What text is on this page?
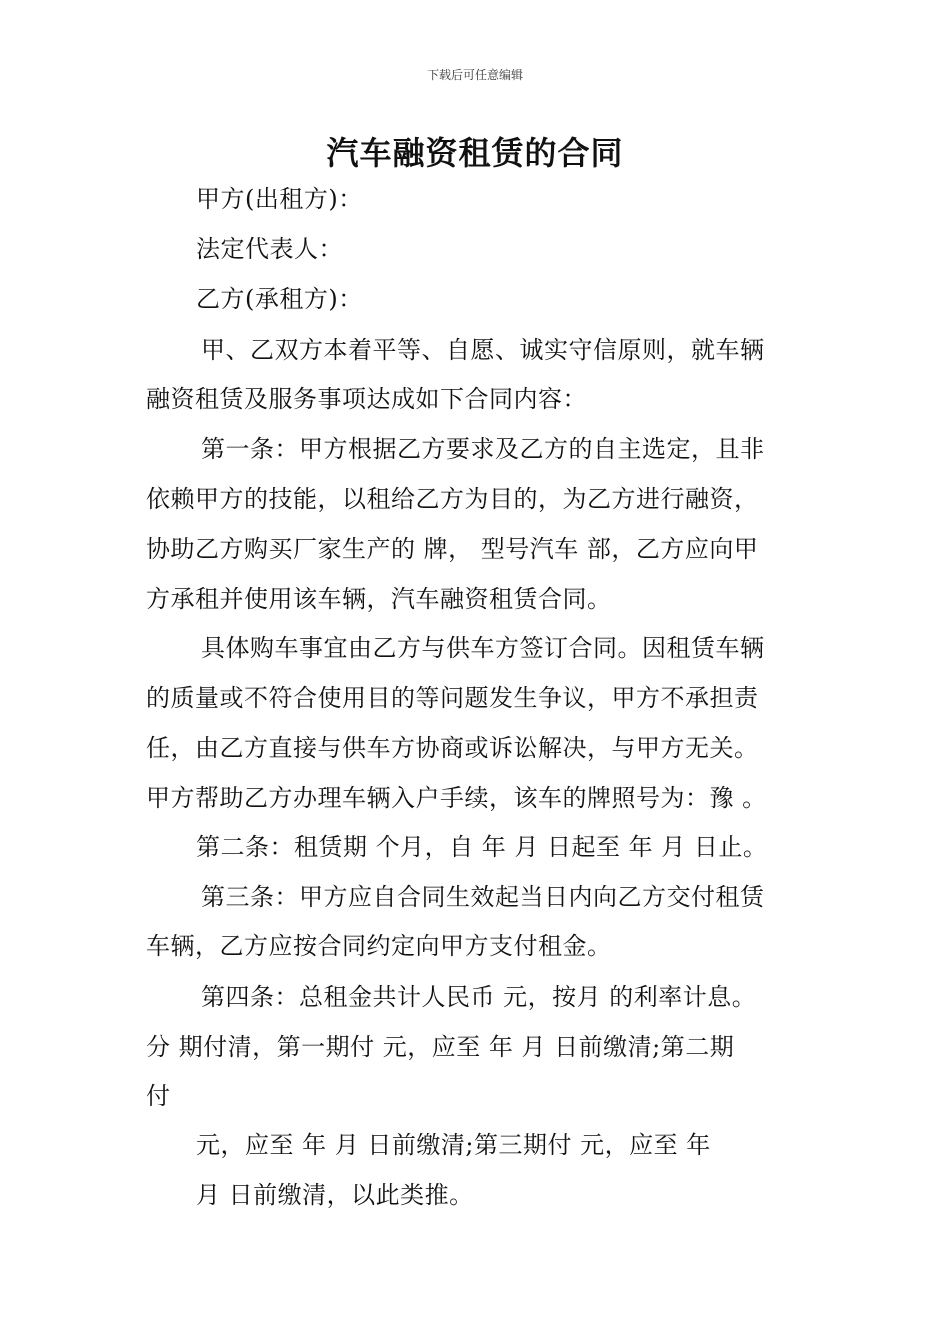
下载后可任意编辑
汽车融资租赁的合同
甲方(出租方)：
法定代表人：
乙方(承租方)：
甲、乙双方本着平等、自愿、诚实守信原则，就车辆
融资租赁及服务事项达成如下合同内容：
第一条：甲方根据乙方要求及乙方的自主选定，且非
依赖甲方的技能，以租给乙方为目的，为乙方进行融资，
协助乙方购买厂家生产的 牌， 型号汽车 部，乙方应向甲
方承租并使用该车辆，汽车融资租赁合同。
具体购车事宜由乙方与供车方签订合同。因租赁车辆
的质量或不符合使用目的等问题发生争议，甲方不承担责
任，由乙方直接与供车方协商或诉讼解决，与甲方无关。
甲方帮助乙方办理车辆入户手续，该车的牌照号为：豫 。
第二条：租赁期 个月，自 年 月 日起至 年 月 日止。
第三条：甲方应自合同生效起当日内向乙方交付租赁
车辆，乙方应按合同约定向甲方支付租金。
第四条：总租金共计人民币 元，按月 的利率计息。
分 期付清，第一期付 元，应至 年 月 日前缴清;第二期
付
元，应至 年 月 日前缴清;第三期付 元，应至 年
月 日前缴清，以此类推。
